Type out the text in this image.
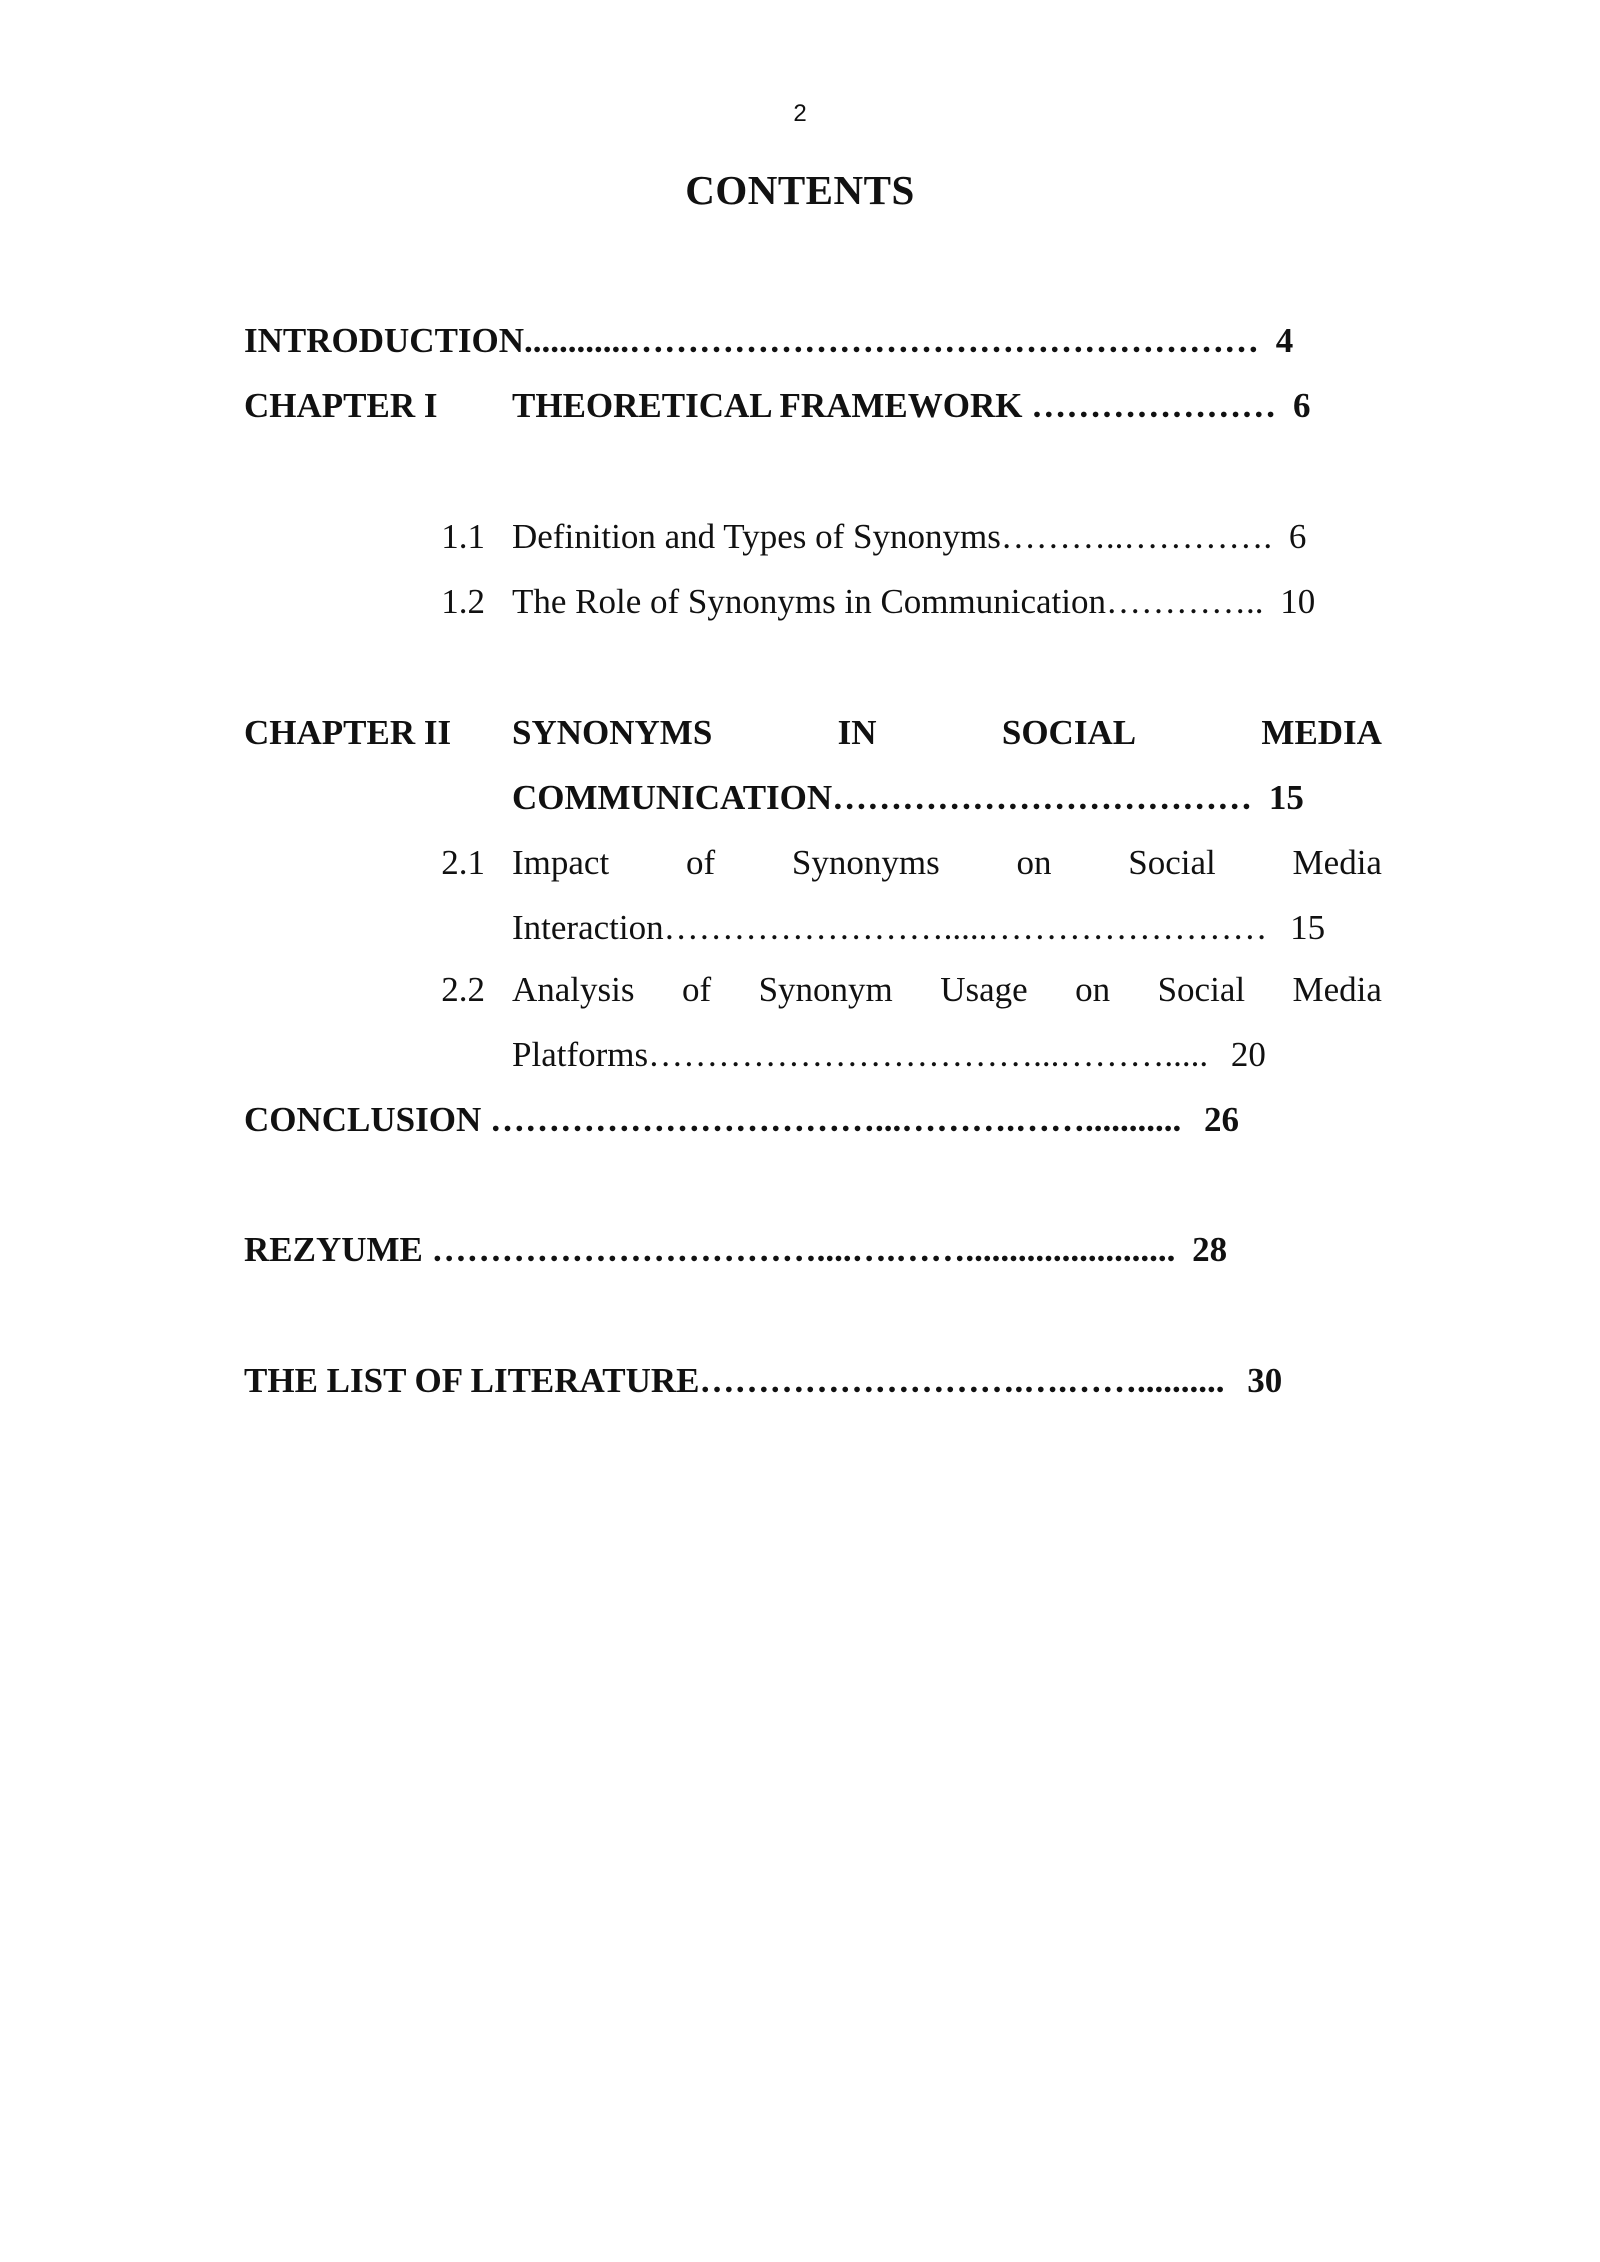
2
CONTENTS
INTRODUCTION............……………………………………………… 4
CHAPTER I THEORETICAL FRAMEWORK ………………… 6
1.1 Definition and Types of Synonyms………..…………. 6
1.2 The Role of Synonyms in Communication………….. 10
CHAPTER II SYNONYMS	IN	SOCIAL	MEDIA
COMMUNICATION……………………………… 15
2.1 Impact of Synonyms on Social Media
Interaction…………………….....…………………… 15
2.2 Analysis of Synonym Usage on Social Media
Platforms……………………………...………..... 20
CONCLUSION ……………………………...……….……........... 26
REZYUME ……………………………....….……........................ 28
THE LIST OF LITERATURE……………………….….…….......... 30
